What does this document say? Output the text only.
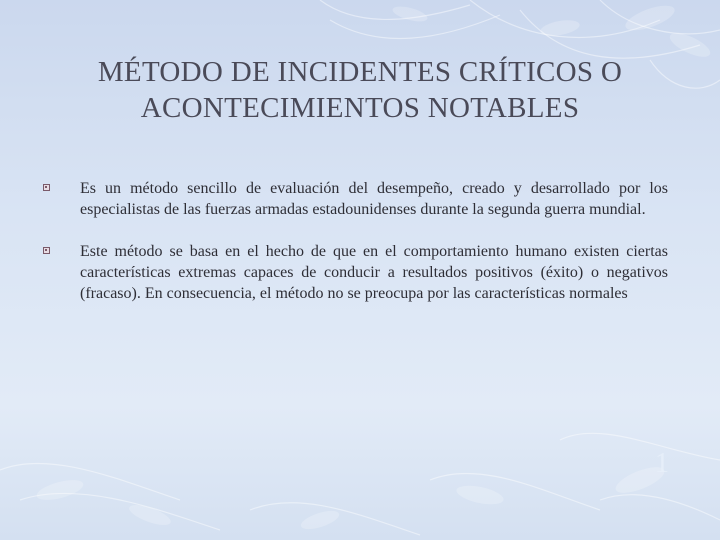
MÉTODO DE INCIDENTES CRÍTICOS O
ACONTECIMIENTOS NOTABLES

Es un método sencillo de evaluación del desempeño, creado y desarrollado por los especialistas de las fuerzas armadas estadounidenses durante la segunda guerra mundial.

Este método se basa en el hecho de que en el comportamiento humano existen ciertas características extremas capaces de conducir a resultados positivos (éxito) o negativos (fracaso). En consecuencia, el método no se preocupa por las características normales

1
